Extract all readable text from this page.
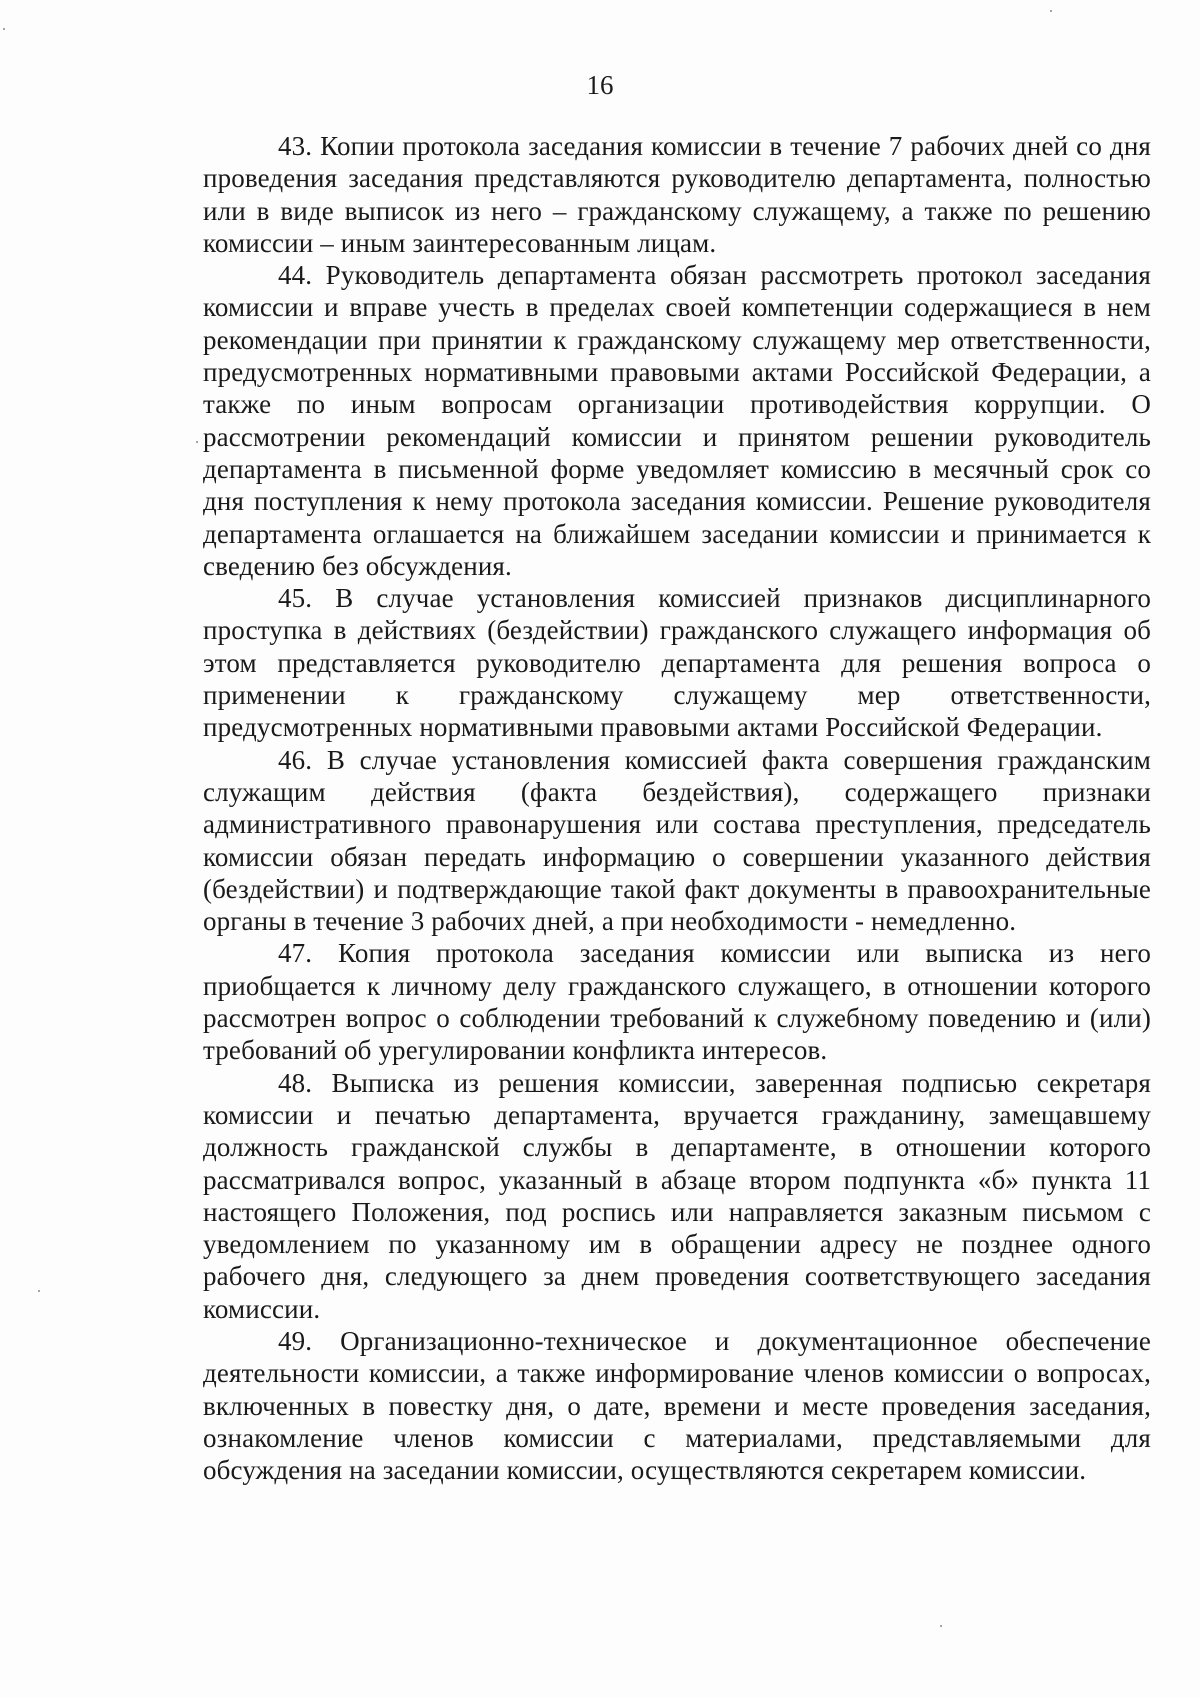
16

43. Копии протокола заседания комиссии в течение 7 рабочих дней со дня проведения заседания представляются руководителю департамента, полностью или в виде выписок из него – гражданскому служащему, а также по решению комиссии – иным заинтересованным лицам.

44. Руководитель департамента обязан рассмотреть протокол заседания комиссии и вправе учесть в пределах своей компетенции содержащиеся в нем рекомендации при принятии к гражданскому служащему мер ответственности, предусмотренных нормативными правовыми актами Российской Федерации, а также по иным вопросам организации противодействия коррупции. О рассмотрении рекомендаций комиссии и принятом решении руководитель департамента в письменной форме уведомляет комиссию в месячный срок со дня поступления к нему протокола заседания комиссии. Решение руководителя департамента оглашается на ближайшем заседании комиссии и принимается к сведению без обсуждения.

45. В случае установления комиссией признаков дисциплинарного проступка в действиях (бездействии) гражданского служащего информация об этом представляется руководителю департамента для решения вопроса о применении к гражданскому служащему мер ответственности, предусмотренных нормативными правовыми актами Российской Федерации.

46. В случае установления комиссией факта совершения гражданским служащим действия (факта бездействия), содержащего признаки административного правонарушения или состава преступления, председатель комиссии обязан передать информацию о совершении указанного действия (бездействии) и подтверждающие такой факт документы в правоохранительные органы в течение 3 рабочих дней, а при необходимости - немедленно.

47. Копия протокола заседания комиссии или выписка из него приобщается к личному делу гражданского служащего, в отношении которого рассмотрен вопрос о соблюдении требований к служебному поведению и (или) требований об урегулировании конфликта интересов.

48. Выписка из решения комиссии, заверенная подписью секретаря комиссии и печатью департамента, вручается гражданину, замещавшему должность гражданской службы в департаменте, в отношении которого рассматривался вопрос, указанный в абзаце втором подпункта «б» пункта 11 настоящего Положения, под роспись или направляется заказным письмом с уведомлением по указанному им в обращении адресу не позднее одного рабочего дня, следующего за днем проведения соответствующего заседания комиссии.

49. Организационно-техническое и документационное обеспечение деятельности комиссии, а также информирование членов комиссии о вопросах, включенных в повестку дня, о дате, времени и месте проведения заседания, ознакомление членов комиссии с материалами, представляемыми для обсуждения на заседании комиссии, осуществляются секретарем комиссии.
